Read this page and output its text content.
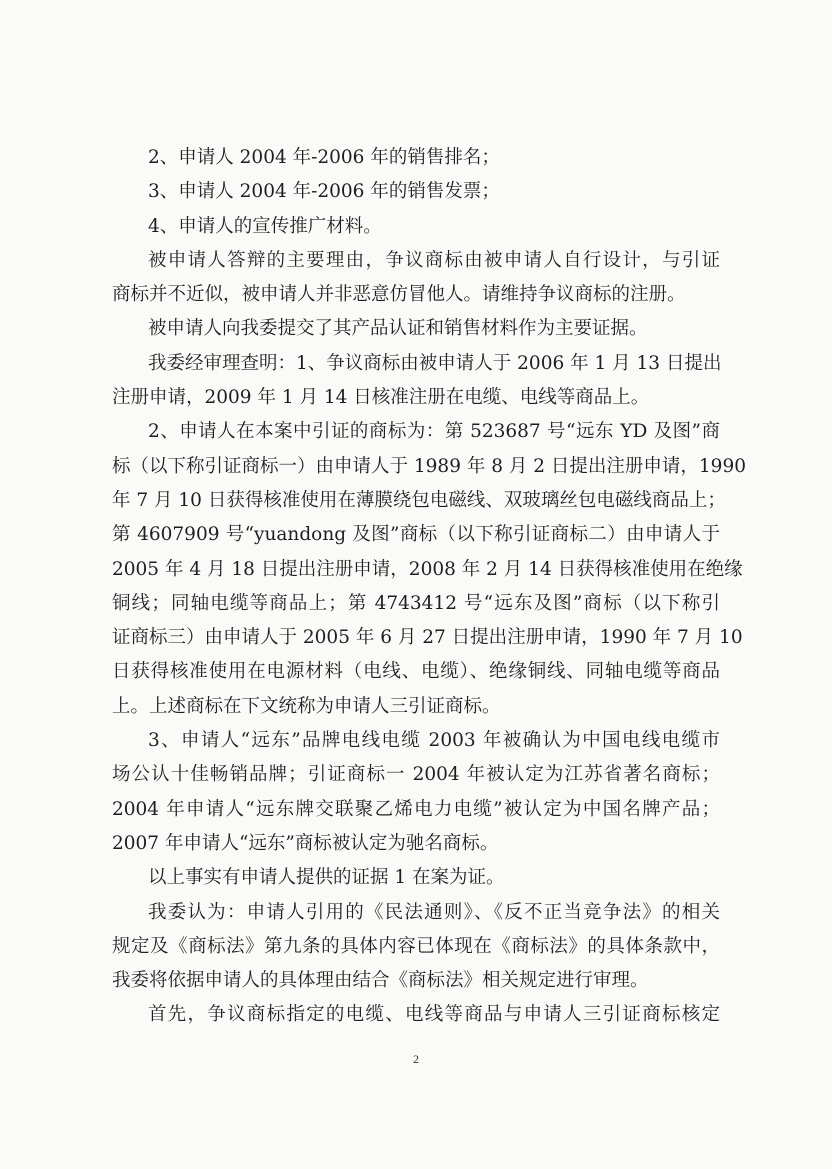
2、申请人 2004 年-2006 年的销售排名；
3、申请人 2004 年-2006 年的销售发票；
4、申请人的宣传推广材料。
被申请人答辩的主要理由，争议商标由被申请人自行设计，与引证
商标并不近似，被申请人并非恶意仿冒他人。请维持争议商标的注册。
被申请人向我委提交了其产品认证和销售材料作为主要证据。
我委经审理查明：1、争议商标由被申请人于 2006 年 1 月 13 日提出
注册申请，2009 年 1 月 14 日核准注册在电缆、电线等商品上。
2、申请人在本案中引证的商标为：第 523687 号“远东 YD 及图”商
标（以下称引证商标一）由申请人于 1989 年 8 月 2 日提出注册申请，1990
年 7 月 10 日获得核准使用在薄膜绕包电磁线、双玻璃丝包电磁线商品上；
第 4607909 号“yuandong 及图”商标（以下称引证商标二）由申请人于
2005 年 4 月 18 日提出注册申请，2008 年 2 月 14 日获得核准使用在绝缘
铜线；同轴电缆等商品上；第 4743412 号“远东及图”商标（以下称引
证商标三）由申请人于 2005 年 6 月 27 日提出注册申请，1990 年 7 月 10
日获得核准使用在电源材料（电线、电缆）、绝缘铜线、同轴电缆等商品
上。上述商标在下文统称为申请人三引证商标。
3、申请人“远东”品牌电线电缆 2003 年被确认为中国电线电缆市
场公认十佳畅销品牌；引证商标一 2004 年被认定为江苏省著名商标；
2004 年申请人“远东牌交联聚乙烯电力电缆”被认定为中国名牌产品；
2007 年申请人“远东”商标被认定为驰名商标。
以上事实有申请人提供的证据 1 在案为证。
我委认为：申请人引用的《民法通则》、《反不正当竞争法》的相关
规定及《商标法》第九条的具体内容已体现在《商标法》的具体条款中，
我委将依据申请人的具体理由结合《商标法》相关规定进行审理。
首先，争议商标指定的电缆、电线等商品与申请人三引证商标核定
2
